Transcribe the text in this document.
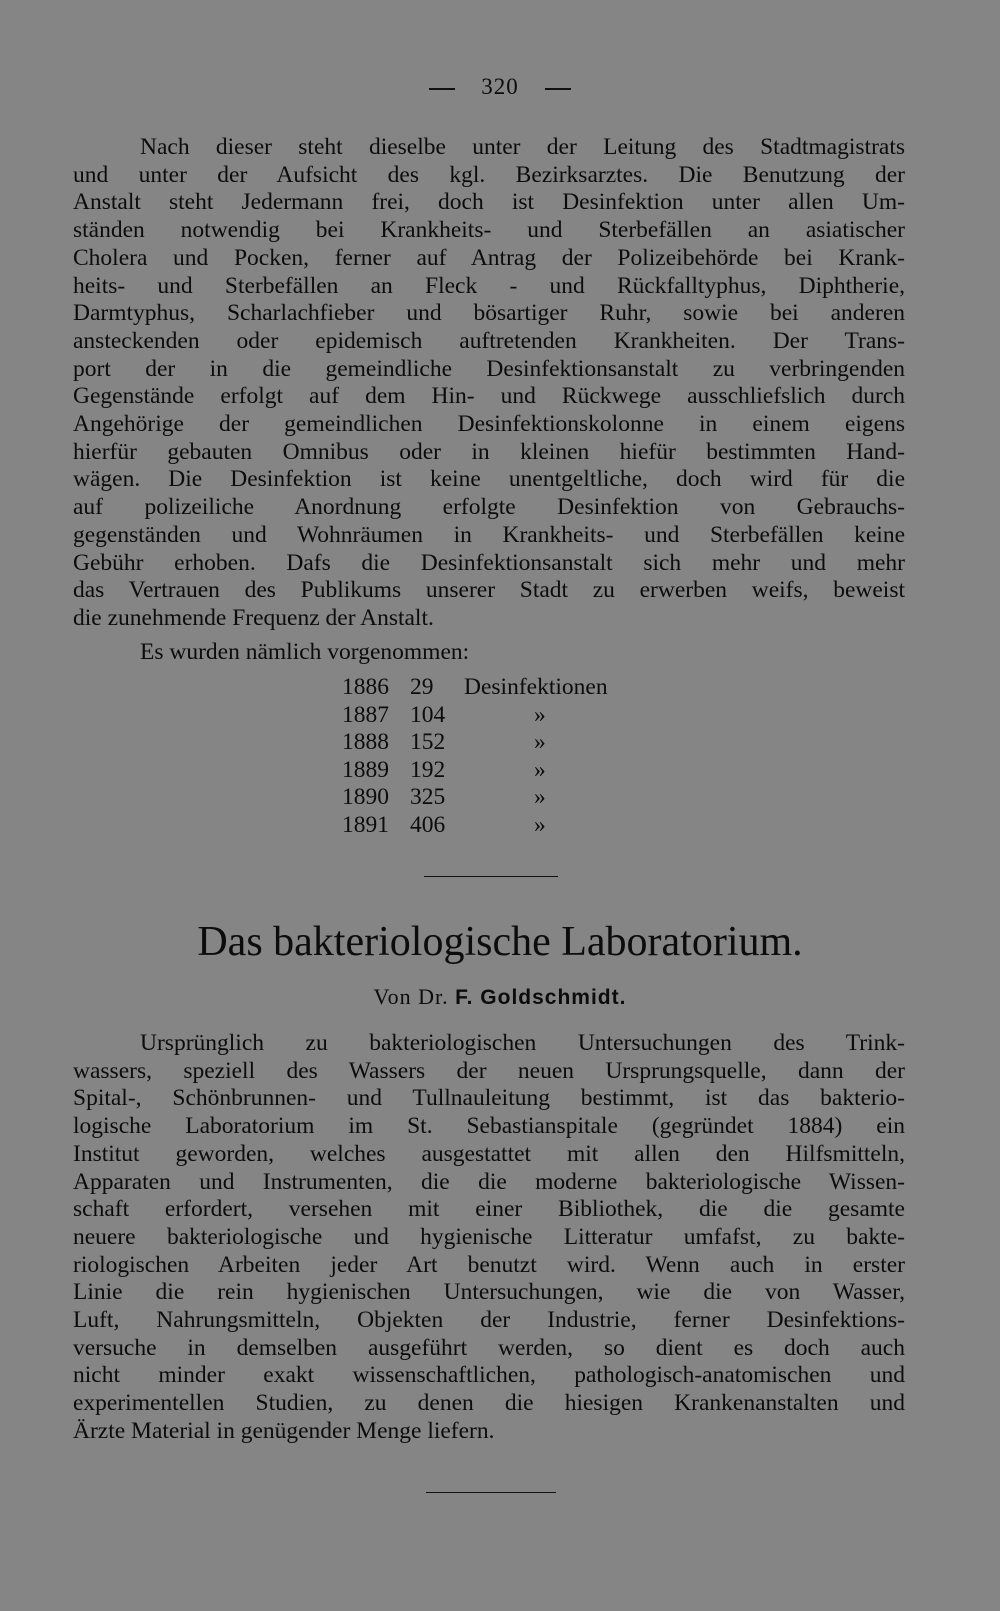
320
Nach dieser steht dieselbe unter der Leitung des Stadtmagistrats
und unter der Aufsicht des kgl. Bezirksarztes. Die Benutzung der
Anstalt steht Jedermann frei, doch ist Desinfektion unter allen Um-
ständen notwendig bei Krankheits- und Sterbefällen an asiatischer
Cholera und Pocken, ferner auf Antrag der Polizeibehörde bei Krank-
heits- und Sterbefällen an Fleck - und Rückfalltyphus, Diphtherie,
Darmtyphus, Scharlachfieber und bösartiger Ruhr, sowie bei anderen
ansteckenden oder epidemisch auftretenden Krankheiten. Der Trans-
port der in die gemeindliche Desinfektionsanstalt zu verbringenden
Gegenstände erfolgt auf dem Hin- und Rückwege ausschliefslich durch
Angehörige der gemeindlichen Desinfektionskolonne in einem eigens
hierfür gebauten Omnibus oder in kleinen hiefür bestimmten Hand-
wägen. Die Desinfektion ist keine unentgeltliche, doch wird für die
auf polizeiliche Anordnung erfolgte Desinfektion von Gebrauchs-
gegenständen und Wohnräumen in Krankheits- und Sterbefällen keine
Gebühr erhoben. Dafs die Desinfektionsanstalt sich mehr und mehr
das Vertrauen des Publikums unserer Stadt zu erwerben weifs, beweist
die zunehmende Frequenz der Anstalt.
Es wurden nämlich vorgenommen:
1886 29	Desinfektionen
1887 104	»
1888 152	»
1889 192	»
1890 325	»
1891 406	»
Das bakteriologische Laboratorium.
Von Dr. F. Goldschmidt.
Ursprünglich zu bakteriologischen Untersuchungen des Trink-
wassers, speziell des Wassers der neuen Ursprungsquelle, dann der
Spital-, Schönbrunnen- und Tullnauleitung bestimmt, ist das bakterio-
logische Laboratorium im St. Sebastianspitale (gegründet 1884) ein
Institut geworden, welches ausgestattet mit allen den Hilfsmitteln,
Apparaten und Instrumenten, die die moderne bakteriologische Wissen-
schaft erfordert, versehen mit einer Bibliothek, die die gesamte
neuere bakteriologische und hygienische Litteratur umfafst, zu bakte-
riologischen Arbeiten jeder Art benutzt wird. Wenn auch in erster
Linie die rein hygienischen Untersuchungen, wie die von Wasser,
Luft, Nahrungsmitteln, Objekten der Industrie, ferner Desinfektions-
versuche in demselben ausgeführt werden, so dient es doch auch
nicht minder exakt wissenschaftlichen, pathologisch-anatomischen und
experimentellen Studien, zu denen die hiesigen Krankenanstalten und
Ärzte Material in genügender Menge liefern.
